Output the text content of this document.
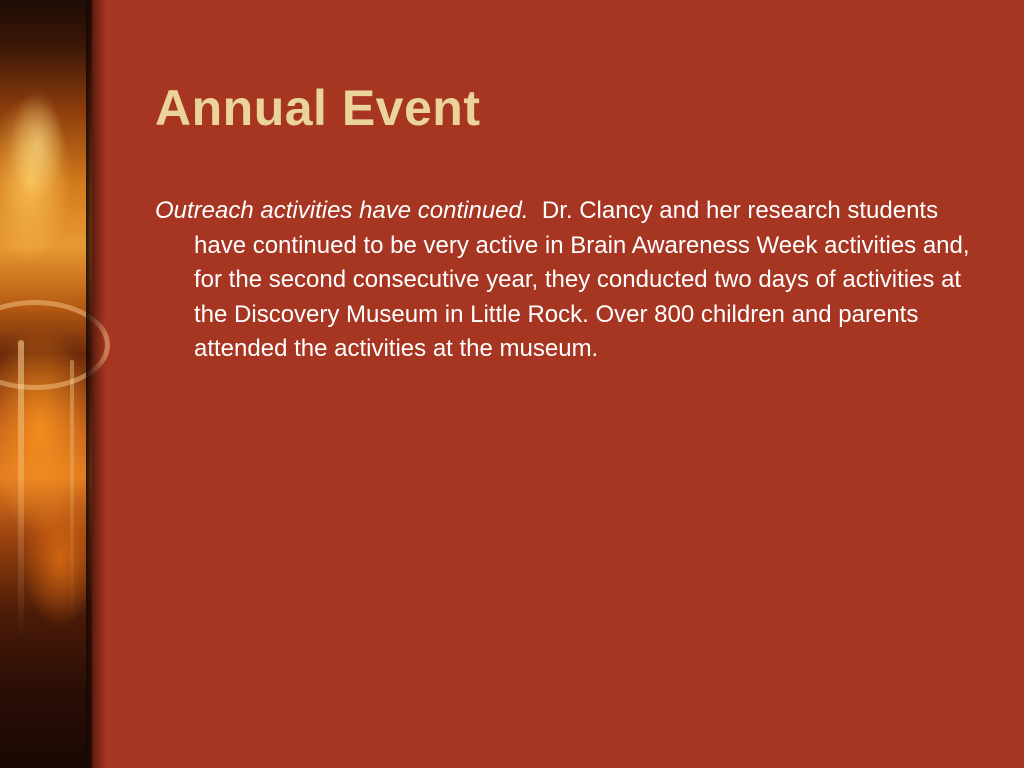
Annual Event

Outreach activities have continued. Dr. Clancy and her research students have continued to be very active in Brain Awareness Week activities and, for the second consecutive year, they conducted two days of activities at the Discovery Museum in Little Rock. Over 800 children and parents attended the activities at the museum.
